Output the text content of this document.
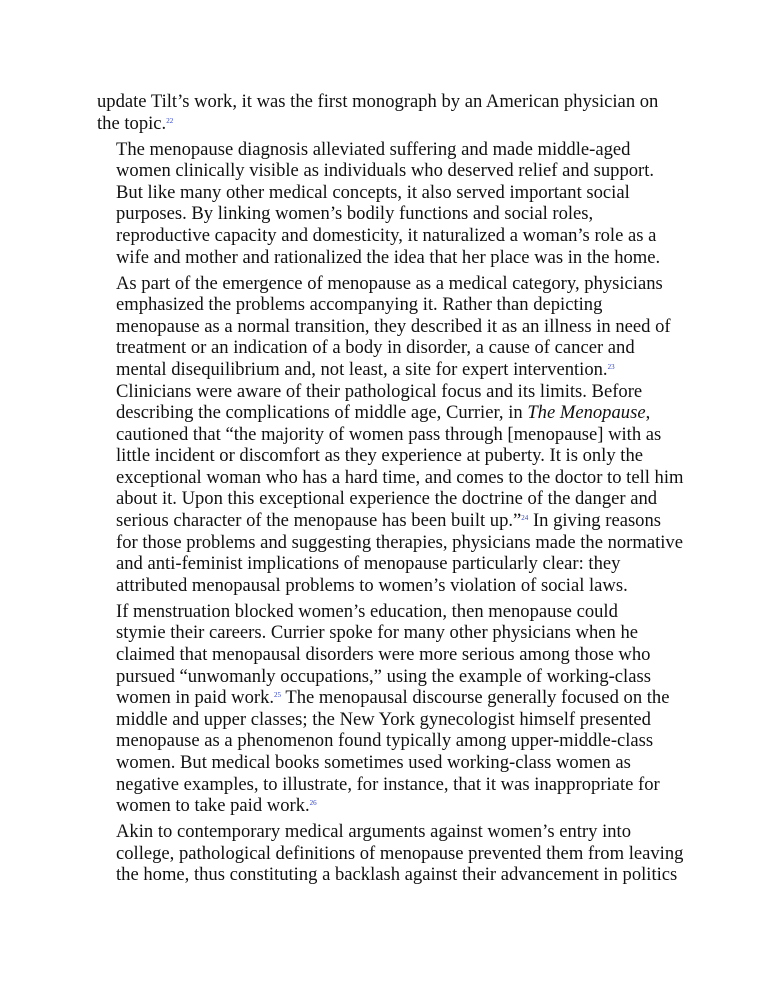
update Tilt’s work, it was the first monograph by an American physician on
the topic.$^{22}$

The menopause diagnosis alleviated suffering and made middle-aged
women clinically visible as individuals who deserved relief and support.
But like many other medical concepts, it also served important social
purposes. By linking women’s bodily functions and social roles,
reproductive capacity and domesticity, it naturalized a woman’s role as a
wife and mother and rationalized the idea that her place was in the home.

As part of the emergence of menopause as a medical category, physicians
emphasized the problems accompanying it. Rather than depicting
menopause as a normal transition, they described it as an illness in need of
treatment or an indication of a body in disorder, a cause of cancer and
mental disequilibrium and, not least, a site for expert intervention.$^{23}$
Clinicians were aware of their pathological focus and its limits. Before
describing the complications of middle age, Currier, in The Menopause,
cautioned that “the majority of women pass through [menopause] with as
little incident or discomfort as they experience at puberty. It is only the
exceptional woman who has a hard time, and comes to the doctor to tell him
about it. Upon this exceptional experience the doctrine of the danger and
serious character of the menopause has been built up.”$^{24}$ In giving reasons
for those problems and suggesting therapies, physicians made the normative
and anti-feminist implications of menopause particularly clear: they
attributed menopausal problems to women’s violation of social laws.

If menstruation blocked women’s education, then menopause could
stymie their careers. Currier spoke for many other physicians when he
claimed that menopausal disorders were more serious among those who
pursued “unwomanly occupations,” using the example of working-class
women in paid work.$^{25}$ The menopausal discourse generally focused on the
middle and upper classes; the New York gynecologist himself presented
menopause as a phenomenon found typically among upper-middle-class
women. But medical books sometimes used working-class women as
negative examples, to illustrate, for instance, that it was inappropriate for
women to take paid work.$^{26}$

Akin to contemporary medical arguments against women’s entry into
college, pathological definitions of menopause prevented them from leaving
the home, thus constituting a backlash against their advancement in politics
